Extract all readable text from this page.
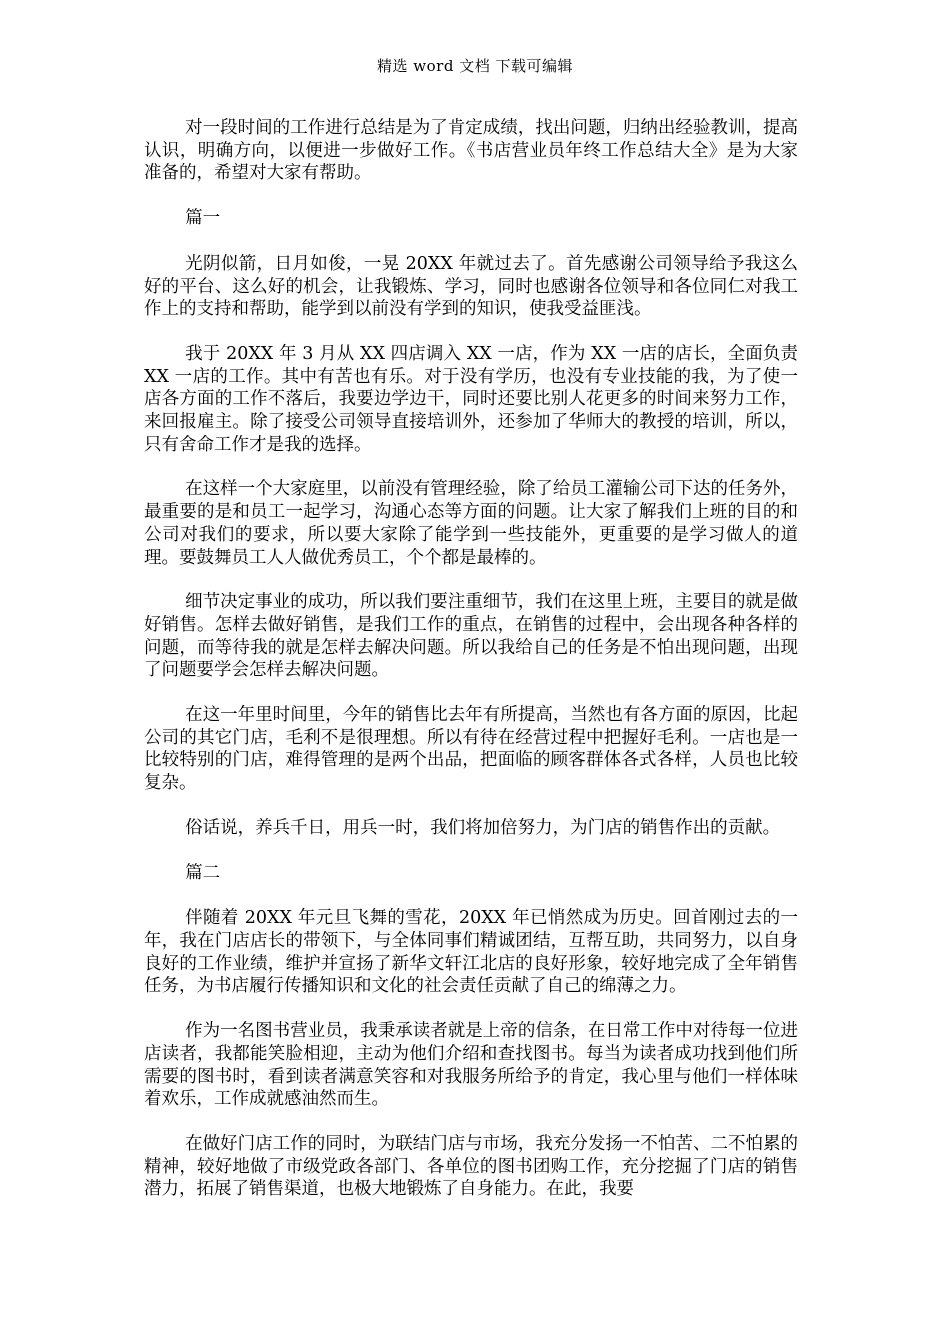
精选 word 文档 下载可编辑

对一段时间的工作进行总结是为了肯定成绩，找出问题，归纳出经验教训，提高认识，明确方向，以便进一步做好工作。《书店营业员年终工作总结大全》是为大家准备的，希望对大家有帮助。

篇一

光阴似箭，日月如俊，一晃 20XX 年就过去了。首先感谢公司领导给予我这么好的平台、这么好的机会，让我锻炼、学习，同时也感谢各位领导和各位同仁对我工作上的支持和帮助，能学到以前没有学到的知识，使我受益匪浅。

我于 20XX 年 3 月从 XX 四店调入 XX 一店，作为 XX 一店的店长，全面负责 XX 一店的工作。其中有苦也有乐。对于没有学历，也没有专业技能的我，为了使一店各方面的工作不落后，我要边学边干，同时还要比别人花更多的时间来努力工作，来回报雇主。除了接受公司领导直接培训外，还参加了华师大的教授的培训，所以，只有舍命工作才是我的选择。

在这样一个大家庭里，以前没有管理经验，除了给员工灌输公司下达的任务外，最重要的是和员工一起学习，沟通心态等方面的问题。让大家了解我们上班的目的和公司对我们的要求，所以要大家除了能学到一些技能外，更重要的是学习做人的道理。要鼓舞员工人人做优秀员工，个个都是最棒的。

细节决定事业的成功，所以我们要注重细节，我们在这里上班，主要目的就是做好销售。怎样去做好销售，是我们工作的重点，在销售的过程中，会出现各种各样的问题，而等待我的就是怎样去解决问题。所以我给自己的任务是不怕出现问题，出现了问题要学会怎样去解决问题。

在这一年里时间里，今年的销售比去年有所提高，当然也有各方面的原因，比起公司的其它门店，毛利不是很理想。所以有待在经营过程中把握好毛利。一店也是一比较特别的门店，难得管理的是两个出品，把面临的顾客群体各式各样，人员也比较复杂。

俗话说，养兵千日，用兵一时，我们将加倍努力，为门店的销售作出的贡献。

篇二

伴随着 20XX 年元旦飞舞的雪花，20XX 年已悄然成为历史。回首刚过去的一年，我在门店店长的带领下，与全体同事们精诚团结，互帮互助，共同努力，以自身良好的工作业绩，维护并宣扬了新华文轩江北店的良好形象，较好地完成了全年销售任务，为书店履行传播知识和文化的社会责任贡献了自己的绵薄之力。

作为一名图书营业员，我秉承读者就是上帝的信条，在日常工作中对待每一位进店读者，我都能笑脸相迎，主动为他们介绍和查找图书。每当为读者成功找到他们所需要的图书时，看到读者满意笑容和对我服务所给予的肯定，我心里与他们一样体味着欢乐，工作成就感油然而生。

在做好门店工作的同时，为联结门店与市场，我充分发扬一不怕苦、二不怕累的精神，较好地做了市级党政各部门、各单位的图书团购工作，充分挖掘了门店的销售潜力，拓展了销售渠道，也极大地锻炼了自身能力。在此，我要
